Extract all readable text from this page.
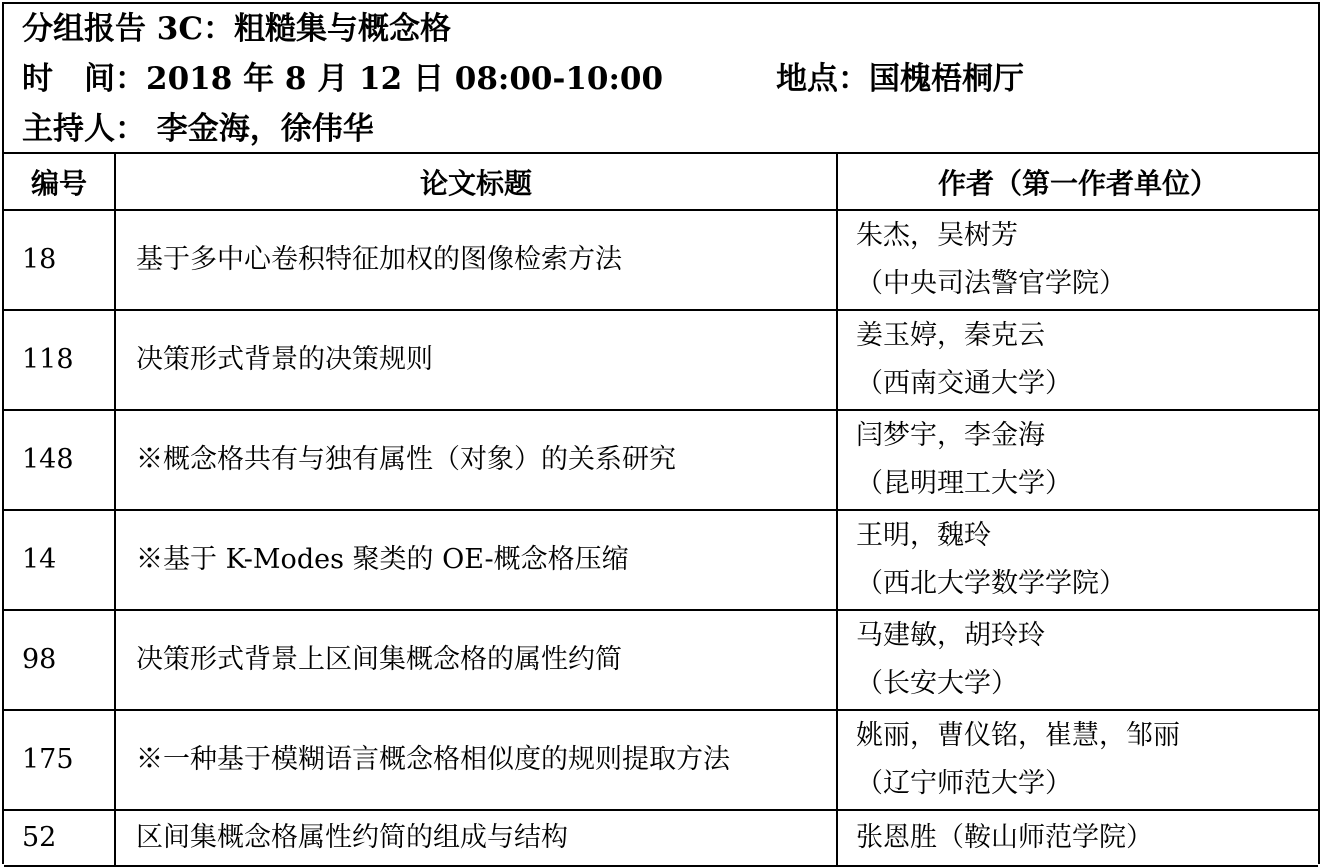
分组报告 3C：粗糙集与概念格
时　间：2018 年 8 月 12 日 08:00-10:00	地点：国槐梧桐厅
主持人： 李金海，徐伟华
编号	论文标题	作者（第一作者单位）
18	基于多中心卷积特征加权的图像检索方法	朱杰，吴树芳
（中央司法警官学院）

118	决策形式背景的决策规则	姜玉婷，秦克云
（西南交通大学）

148	※概念格共有与独有属性（对象）的关系研究	闫梦宇，李金海
（昆明理工大学）

14	※基于 K-Modes 聚类的 OE-概念格压缩	王明，魏玲
（西北大学数学学院）

98	决策形式背景上区间集概念格的属性约简	马建敏，胡玲玲
（长安大学）

175	※一种基于模糊语言概念格相似度的规则提取方法	姚丽，曹仪铭，崔慧，邹丽
（辽宁师范大学）

52	区间集概念格属性约简的组成与结构	张恩胜（鞍山师范学院）
